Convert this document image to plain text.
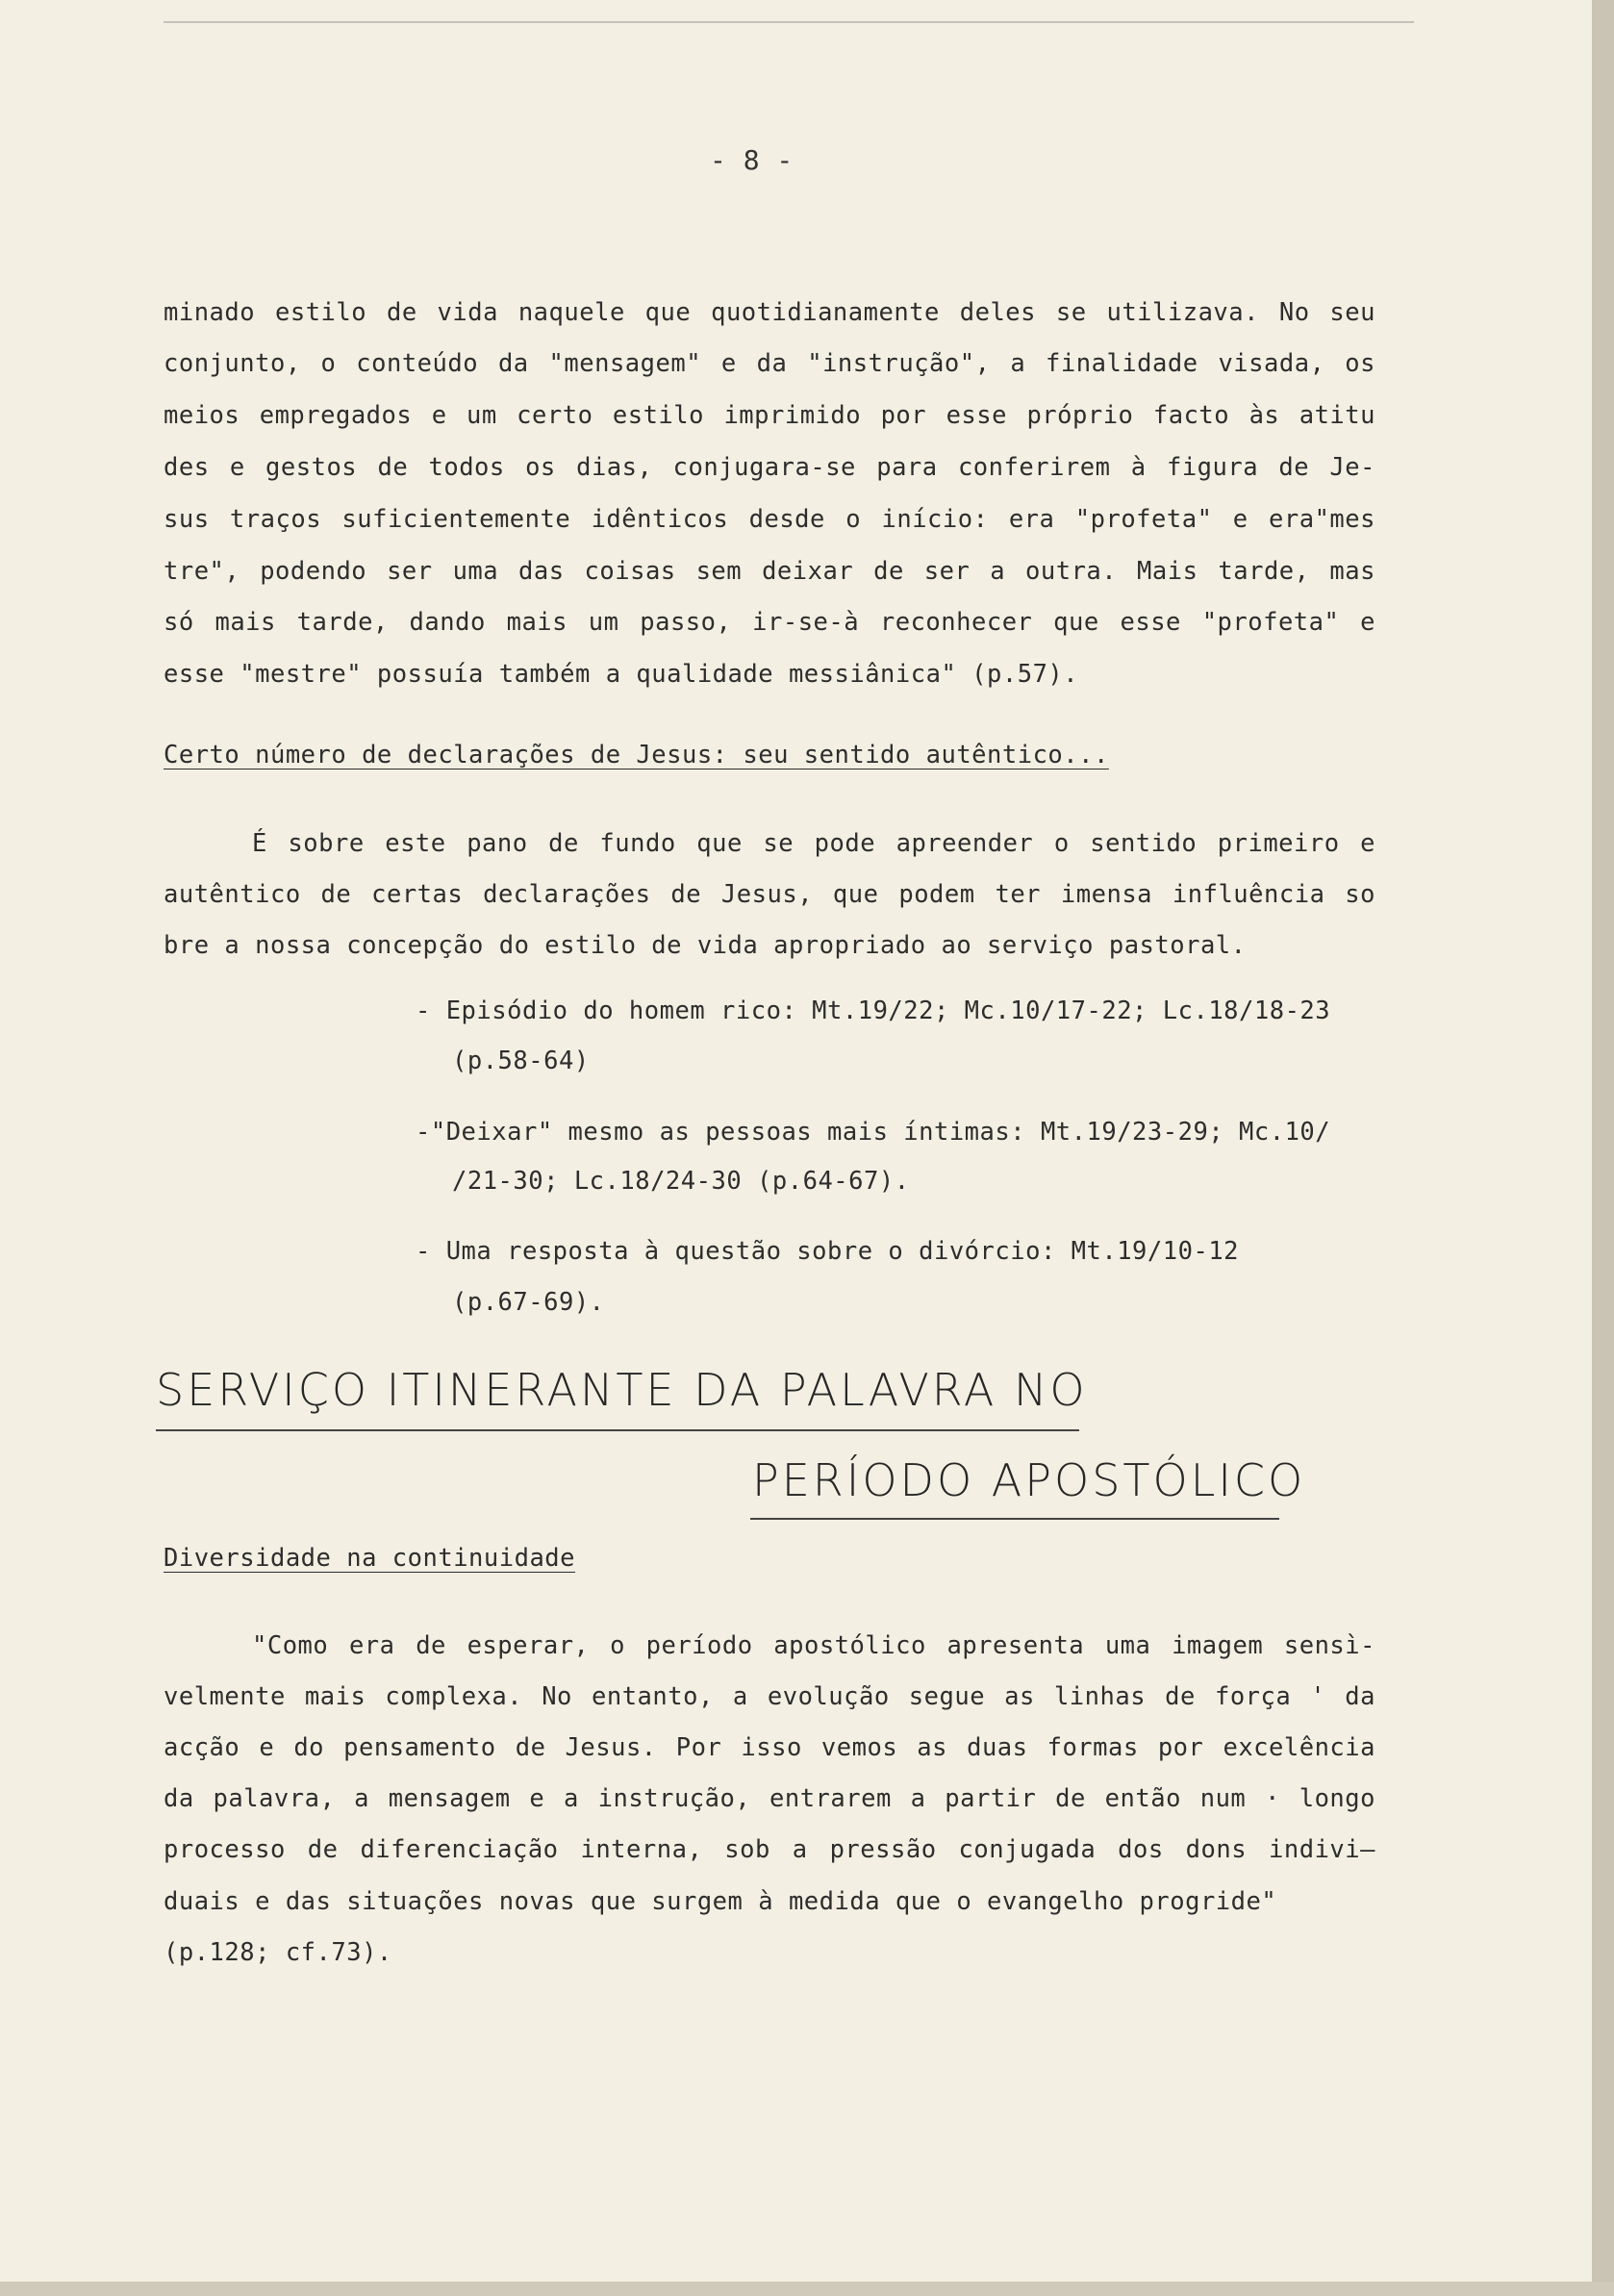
- 8 -
minado estilo de vida naquele que quotidianamente deles se utilizava. No seu
conjunto, o conteúdo da "mensagem" e da "instrução", a finalidade visada, os
meios empregados e um certo estilo imprimido por esse próprio facto às atitu
des e gestos de todos os dias, conjugara-se para conferirem à figura de Je-
sus traços suficientemente idênticos desde o início: era "profeta" e era"mes
tre", podendo ser uma das coisas sem deixar de ser a outra. Mais tarde, mas
só mais tarde, dando mais um passo, ir-se-à reconhecer que esse "profeta" e
esse "mestre" possuía também a qualidade messiânica" (p.57).
Certo número de declarações de Jesus: seu sentido autêntico...
É sobre este pano de fundo que se pode apreender o sentido primeiro e
autêntico de certas declarações de Jesus, que podem ter imensa influência so
bre a nossa concepção do estilo de vida apropriado ao serviço pastoral.
- Episódio do homem rico: Mt.19/22; Mc.10/17-22; Lc.18/18-23
(p.58-64)
-"Deixar" mesmo as pessoas mais íntimas: Mt.19/23-29; Mc.10/
/21-30; Lc.18/24-30 (p.64-67).
- Uma resposta à questão sobre o divórcio: Mt.19/10-12
(p.67-69).
SERVIÇO ITINERANTE DA PALAVRA NO
PERÍODO APOSTÓLICO
Diversidade na continuidade
"Como era de esperar, o período apostólico apresenta uma imagem sensì-
velmente mais complexa. No entanto, a evolução segue as linhas de força ' da
acção e do pensamento de Jesus. Por isso vemos as duas formas por excelência
da palavra, a mensagem e a instrução, entrarem a partir de então num · longo
processo de diferenciação interna, sob a pressão conjugada dos dons indivi—
duais e das situações novas que surgem à medida que o evangelho progride"
(p.128; cf.73).
